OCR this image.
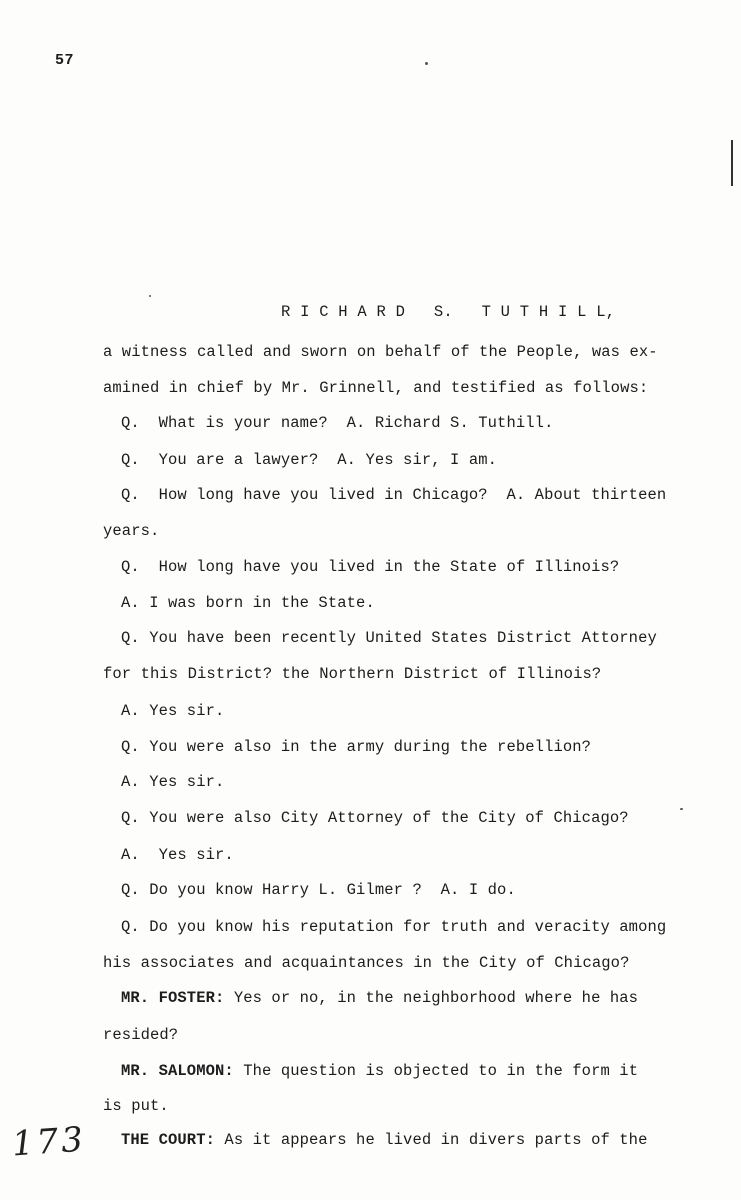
57
R I C H A R D   S.   T U T H I L L,
a witness called and sworn on behalf of the People, was ex-
amined in chief by Mr. Grinnell, and testified as follows:
Q.  What is your name?  A. Richard S. Tuthill.
Q.  You are a lawyer?  A. Yes sir, I am.
Q.  How long have you lived in Chicago?  A. About thirteen
years.
Q.  How long have you lived in the State of Illinois?
A. I was born in the State.
Q. You have been recently United States District Attorney
for this District? the Northern District of Illinois?
A. Yes sir.
Q. You were also in the army during the rebellion?
A. Yes sir.
Q. You were also City Attorney of the City of Chicago?
A.  Yes sir.
Q. Do you know Harry L. Gilmer ?  A. I do.
Q. Do you know his reputation for truth and veracity among
his associates and acquaintances in the City of Chicago?
MR. FOSTER: Yes or no, in the neighborhood where he has
resided?
MR. SALOMON: The question is objected to in the form it
is put.
THE COURT: As it appears he lived in divers parts of the
173
